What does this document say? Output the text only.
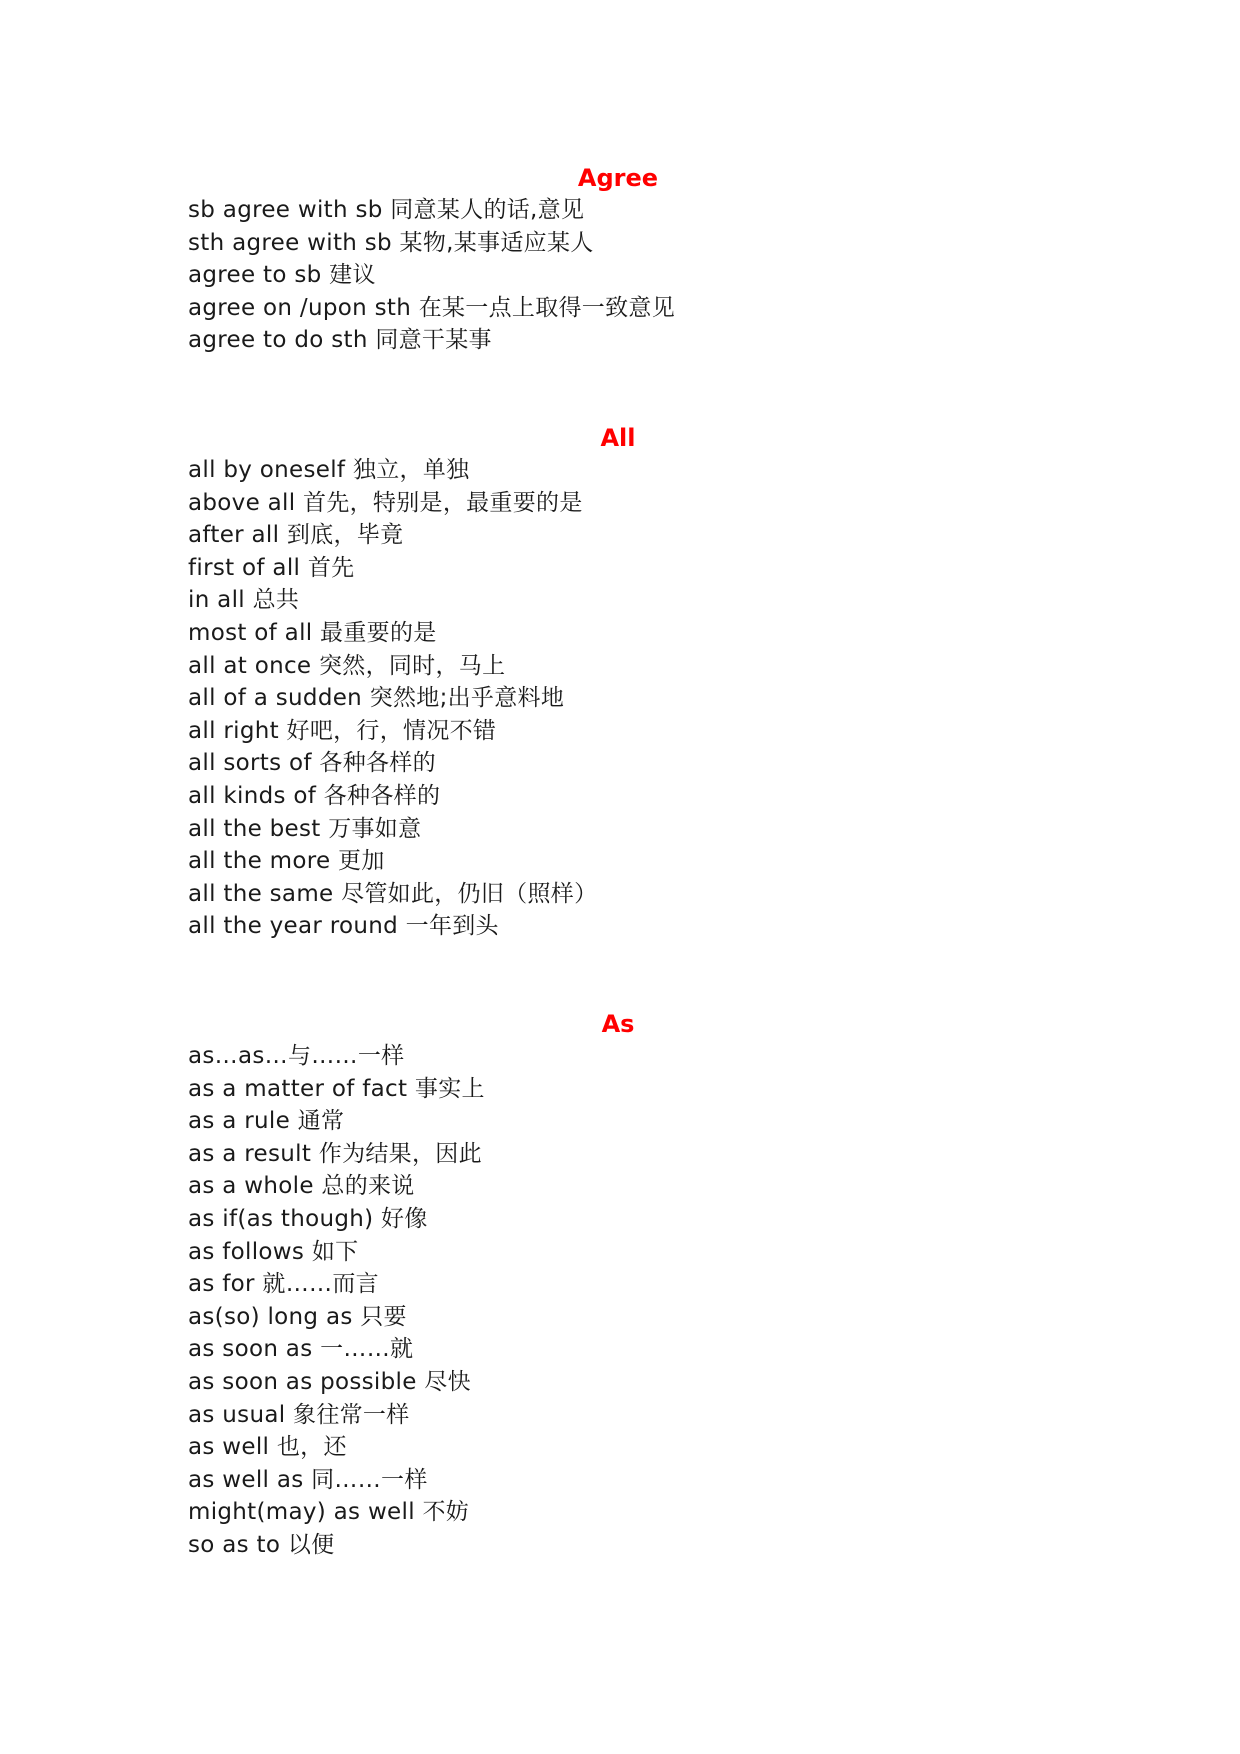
Agree

sb agree with sb 同意某人的话,意见

sth agree with sb 某物,某事适应某人

agree to sb 建议

agree on /upon sth 在某一点上取得一致意见

agree to do sth 同意干某事

All

all by oneself 独立，单独

above all 首先，特别是，最重要的是

after all 到底，毕竟

first of all 首先

in all 总共

most of all 最重要的是

all at once 突然，同时，马上

all of a sudden 突然地;出乎意料地

all right 好吧，行，情况不错

all sorts of 各种各样的

all kinds of 各种各样的

all the best 万事如意

all the more 更加

all the same 尽管如此，仍旧（照样）

all the year round 一年到头

As

as…as…与……一样

as a matter of fact 事实上

as a rule 通常

as a result 作为结果，因此

as a whole 总的来说

as if(as though) 好像

as follows 如下

as for 就……而言

as(so) long as 只要

as soon as 一……就

as soon as possible 尽快

as usual 象往常一样

as well 也，还

as well as 同……一样

might(may) as well 不妨

so as to 以便
